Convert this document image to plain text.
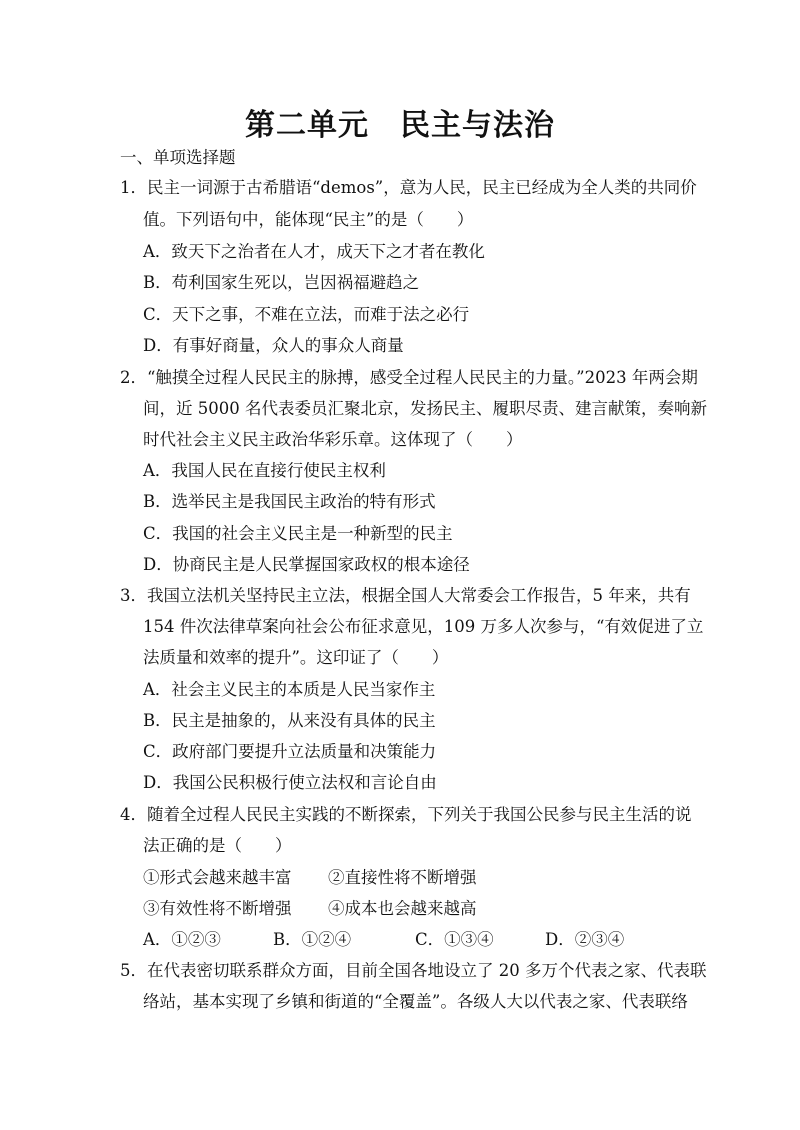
第二单元　民主与法治
一、单项选择题
1．民主一词源于古希腊语“demos”，意为人民，民主已经成为全人类的共同价
值。下列语句中，能体现“民主”的是（　　）
A．致天下之治者在人才，成天下之才者在教化
B．苟利国家生死以，岂因祸福避趋之
C．天下之事，不难在立法，而难于法之必行
D．有事好商量，众人的事众人商量
2．“触摸全过程人民民主的脉搏，感受全过程人民民主的力量。”2023 年两会期
间，近 5000 名代表委员汇聚北京，发扬民主、履职尽责、建言献策，奏响新
时代社会主义民主政治华彩乐章。这体现了（　　）
A．我国人民在直接行使民主权利
B．选举民主是我国民主政治的特有形式
C．我国的社会主义民主是一种新型的民主
D．协商民主是人民掌握国家政权的根本途径
3．我国立法机关坚持民主立法，根据全国人大常委会工作报告，5 年来，共有
154 件次法律草案向社会公布征求意见，109 万多人次参与，“有效促进了立
法质量和效率的提升”。这印证了（　　）
A．社会主义民主的本质是人民当家作主
B．民主是抽象的，从来没有具体的民主
C．政府部门要提升立法质量和决策能力
D．我国公民积极行使立法权和言论自由
4．随着全过程人民民主实践的不断探索，下列关于我国公民参与民主生活的说
法正确的是（　　）
①形式会越来越丰富 ②直接性将不断增强
③有效性将不断增强 ④成本也会越来越高
A．①②③	B．①②④	C．①③④	D．②③④
5．在代表密切联系群众方面，目前全国各地设立了 20 多万个代表之家、代表联
络站，基本实现了乡镇和街道的“全覆盖”。各级人大以代表之家、代表联络
